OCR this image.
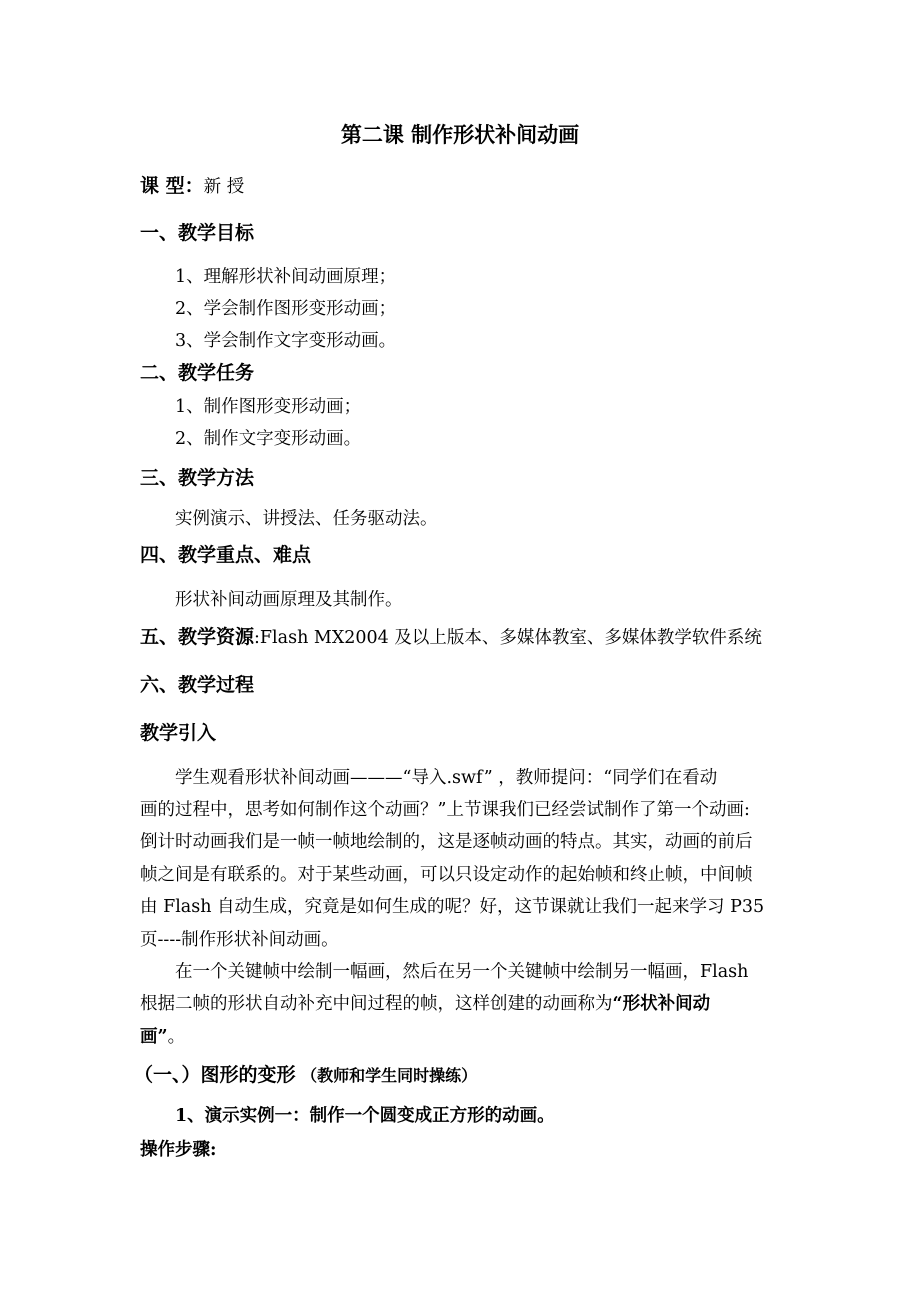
第二课 制作形状补间动画
课 型：新 授
一、教学目标
1、理解形状补间动画原理；
2、学会制作图形变形动画；
3、学会制作文字变形动画。
二、教学任务
1、制作图形变形动画；
2、制作文字变形动画。
三、教学方法
实例演示、讲授法、任务驱动法。
四、教学重点、难点
形状补间动画原理及其制作。
五、教学资源:Flash MX2004 及以上版本、多媒体教室、多媒体教学软件系统
六、教学过程
教学引入
学生观看形状补间动画———“导入.swf” ，教师提问：“同学们在看动
画的过程中，思考如何制作这个动画？”上节课我们已经尝试制作了第一个动画:
倒计时动画我们是一帧一帧地绘制的，这是逐帧动画的特点。其实，动画的前后
帧之间是有联系的。对于某些动画，可以只设定动作的起始帧和终止帧，中间帧
由 Flash 自动生成，究竟是如何生成的呢？好，这节课就让我们一起来学习 P35
页----制作形状补间动画。
在一个关键帧中绘制一幅画，然后在另一个关键帧中绘制另一幅画，Flash
根据二帧的形状自动补充中间过程的帧，这样创建的动画称为“形状补间动
画”。
（一、）图形的变形 （教师和学生同时操练）
1、演示实例一：制作一个圆变成正方形的动画。
操作步骤:
